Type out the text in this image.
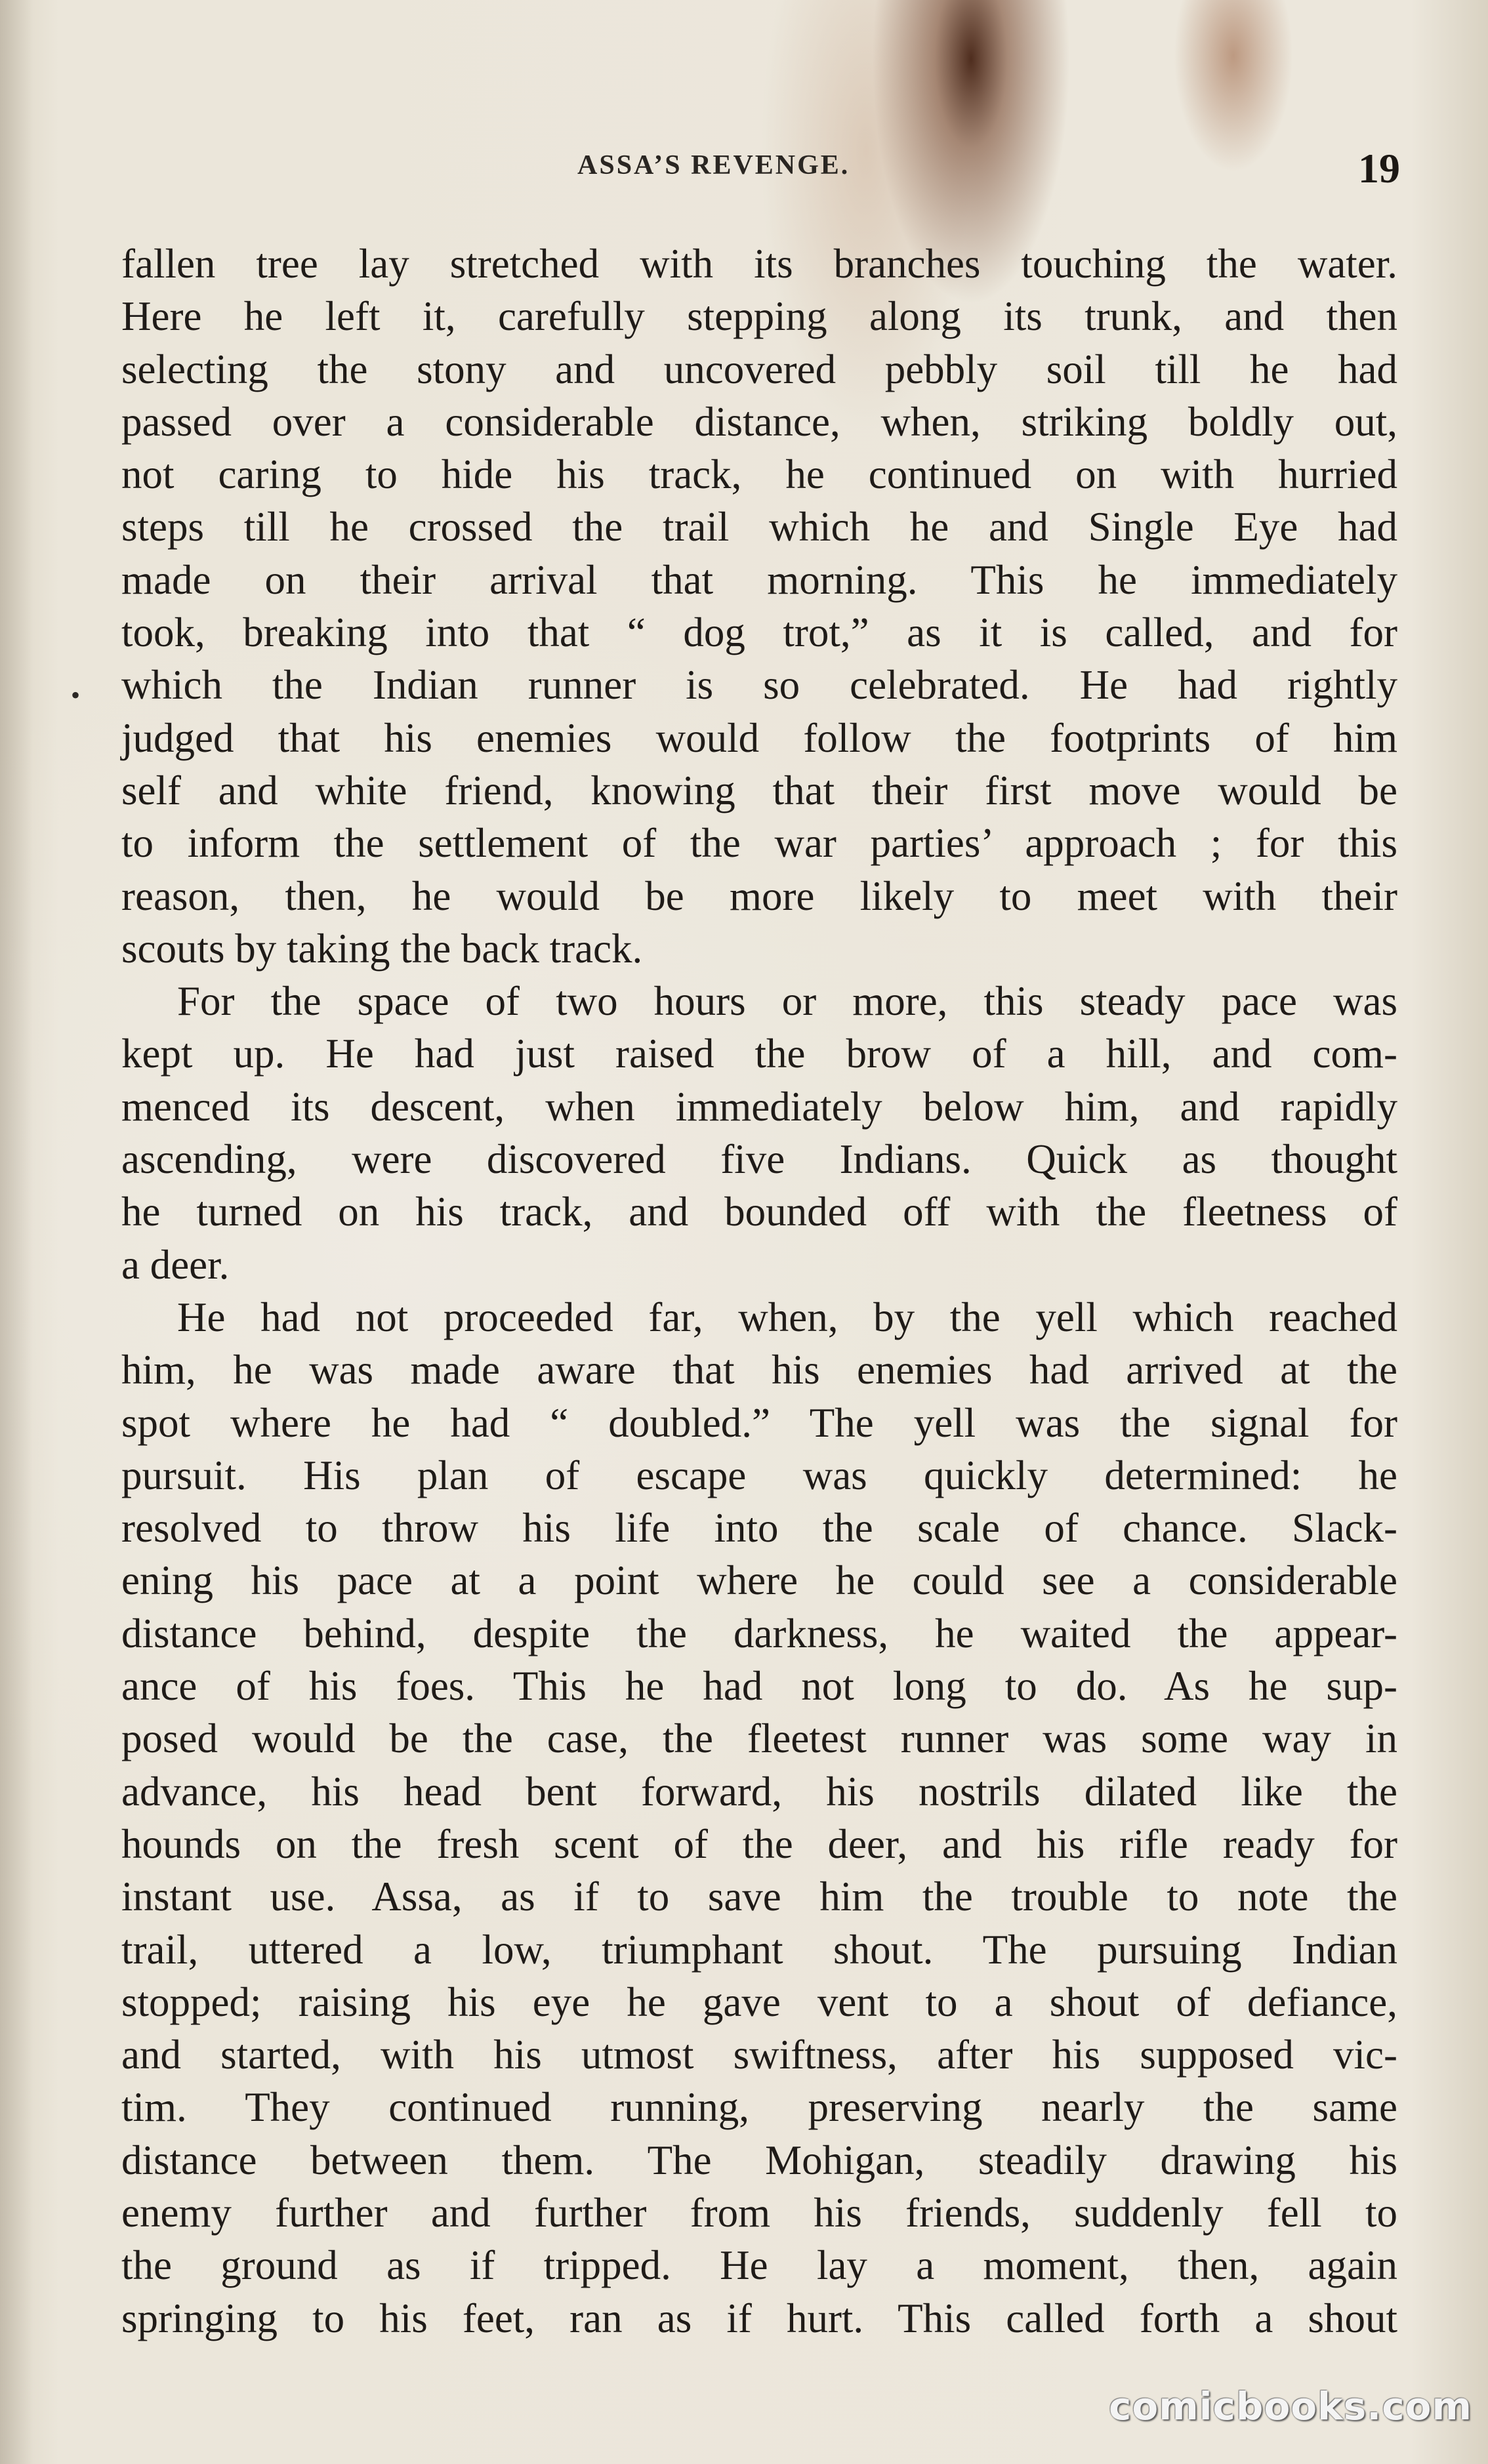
ASSA’S REVENGE.	19
•
fallen tree lay stretched with its branches touching the water.
Here he left it, carefully stepping along its trunk, and then
selecting the stony and uncovered pebbly soil till he had
passed over a considerable distance, when, striking boldly out,
not caring to hide his track, he continued on with hurried
steps till he crossed the trail which he and Single Eye had
made on their arrival that morning. This he immediately
took, breaking into that “ dog trot,” as it is called, and for
which the Indian runner is so celebrated. He had rightly
judged that his enemies would follow the footprints of him
self and white friend, knowing that their first move would be
to inform the settlement of the war parties’ approach ; for this
reason, then, he would be more likely to meet with their
scouts by taking the back track.
For the space of two hours or more, this steady pace was
kept up. He had just raised the brow of a hill, and com-
menced its descent, when immediately below him, and rapidly
ascending, were discovered five Indians. Quick as thought
he turned on his track, and bounded off with the fleetness of
a deer.
He had not proceeded far, when, by the yell which reached
him, he was made aware that his enemies had arrived at the
spot where he had “ doubled.” The yell was the signal for
pursuit. His plan of escape was quickly determined: he
resolved to throw his life into the scale of chance. Slack-
ening his pace at a point where he could see a considerable
distance behind, despite the darkness, he waited the appear-
ance of his foes. This he had not long to do. As he sup-
posed would be the case, the fleetest runner was some way in
advance, his head bent forward, his nostrils dilated like the
hounds on the fresh scent of the deer, and his rifle ready for
instant use. Assa, as if to save him the trouble to note the
trail, uttered a low, triumphant shout. The pursuing Indian
stopped; raising his eye he gave vent to a shout of defiance,
and started, with his utmost swiftness, after his supposed vic-
tim. They continued running, preserving nearly the same
distance between them. The Mohigan, steadily drawing his
enemy further and further from his friends, suddenly fell to
the ground as if tripped. He lay a moment, then, again
springing to his feet, ran as if hurt. This called forth a shout
comicbooks.com
